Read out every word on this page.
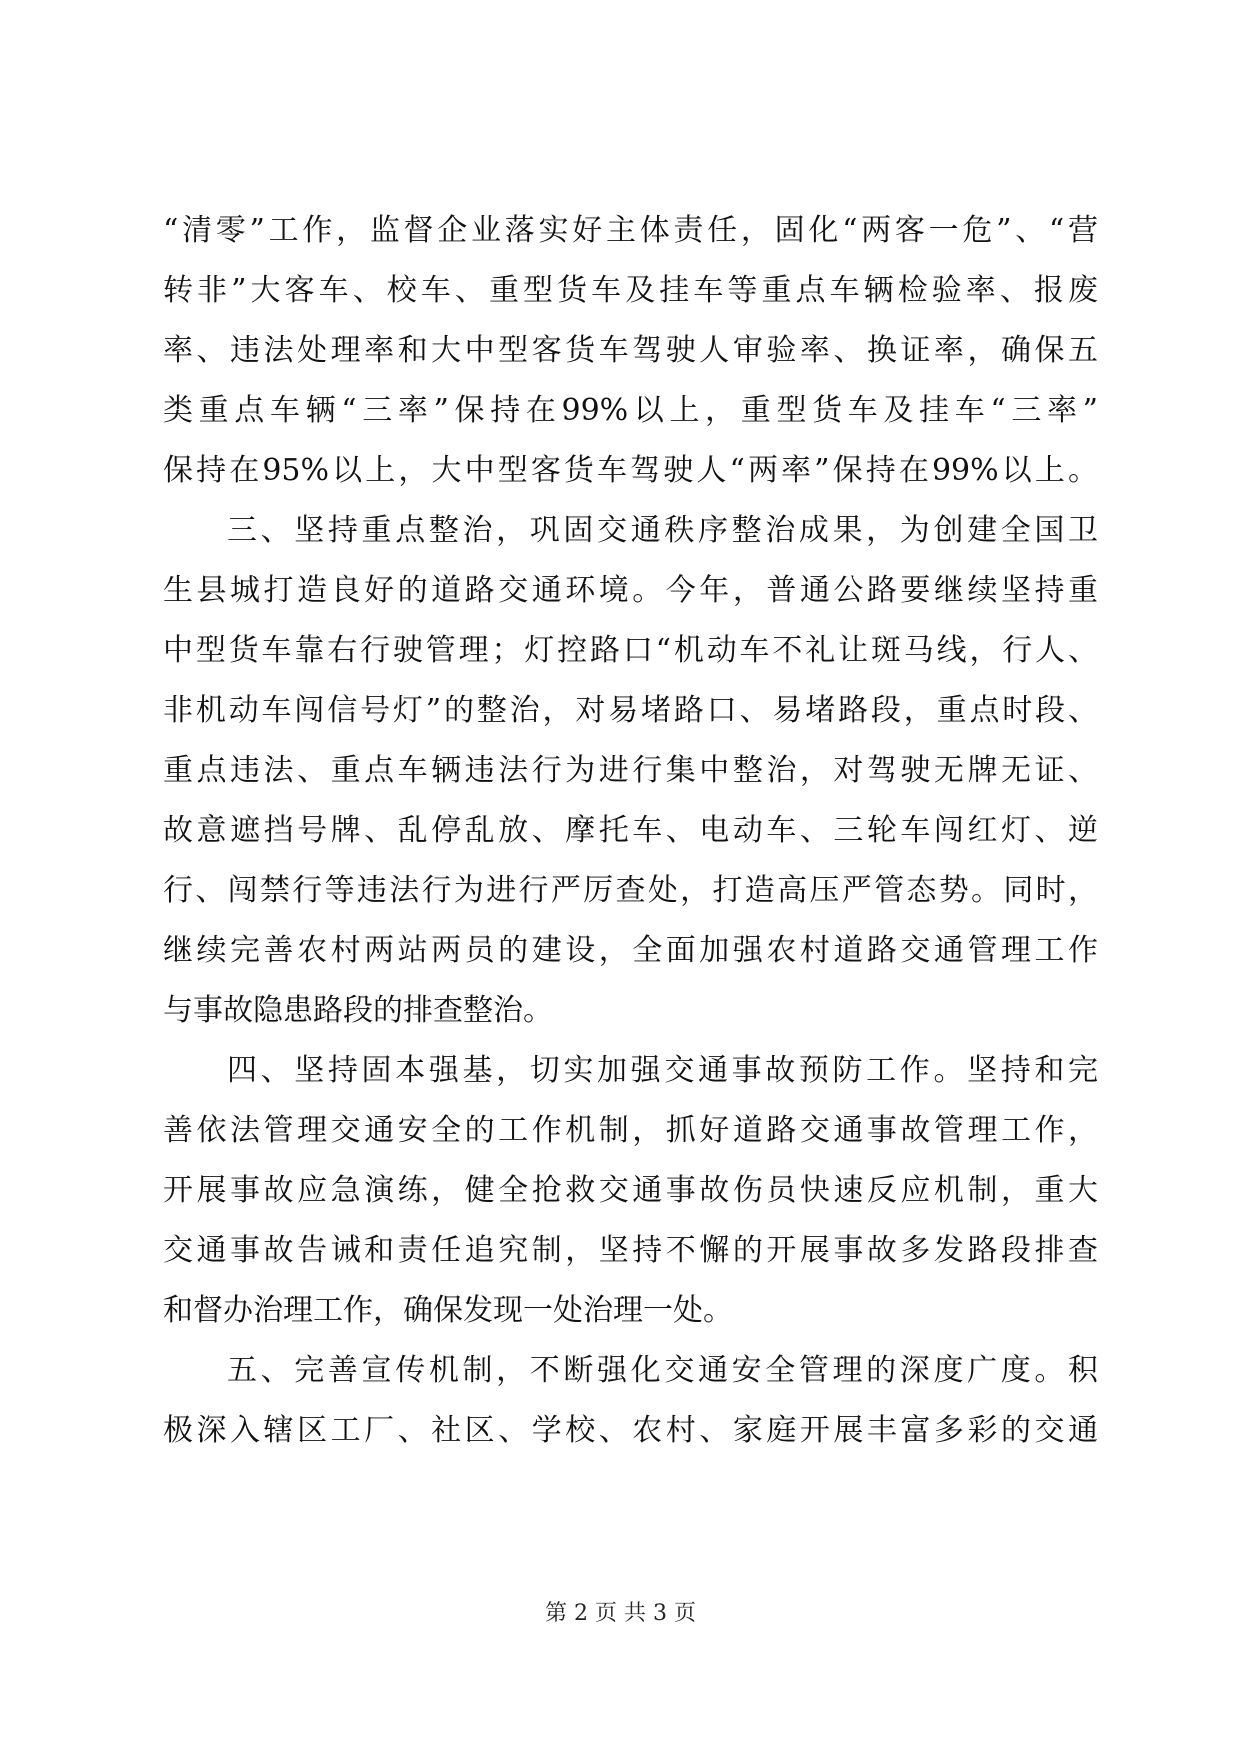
“清零”工作，监督企业落实好主体责任，固化“两客一危”、“营
转非”大客车、校车、重型货车及挂车等重点车辆检验率、报废
率、违法处理率和大中型客货车驾驶人审验率、换证率，确保五
类重点车辆“三率”保持在99%以上，重型货车及挂车“三率”
保持在95%以上，大中型客货车驾驶人“两率”保持在99%以上。
三、坚持重点整治，巩固交通秩序整治成果，为创建全国卫
生县城打造良好的道路交通环境。今年，普通公路要继续坚持重
中型货车靠右行驶管理；灯控路口“机动车不礼让斑马线，行人、
非机动车闯信号灯”的整治，对易堵路口、易堵路段，重点时段、
重点违法、重点车辆违法行为进行集中整治，对驾驶无牌无证、
故意遮挡号牌、乱停乱放、摩托车、电动车、三轮车闯红灯、逆
行、闯禁行等违法行为进行严厉查处，打造高压严管态势。同时，
继续完善农村两站两员的建设，全面加强农村道路交通管理工作
与事故隐患路段的排查整治。
四、坚持固本强基，切实加强交通事故预防工作。坚持和完
善依法管理交通安全的工作机制，抓好道路交通事故管理工作，
开展事故应急演练，健全抢救交通事故伤员快速反应机制，重大
交通事故告诫和责任追究制，坚持不懈的开展事故多发路段排查
和督办治理工作，确保发现一处治理一处。
五、完善宣传机制，不断强化交通安全管理的深度广度。积
极深入辖区工厂、社区、学校、农村、家庭开展丰富多彩的交通
第 2 页 共 3 页
